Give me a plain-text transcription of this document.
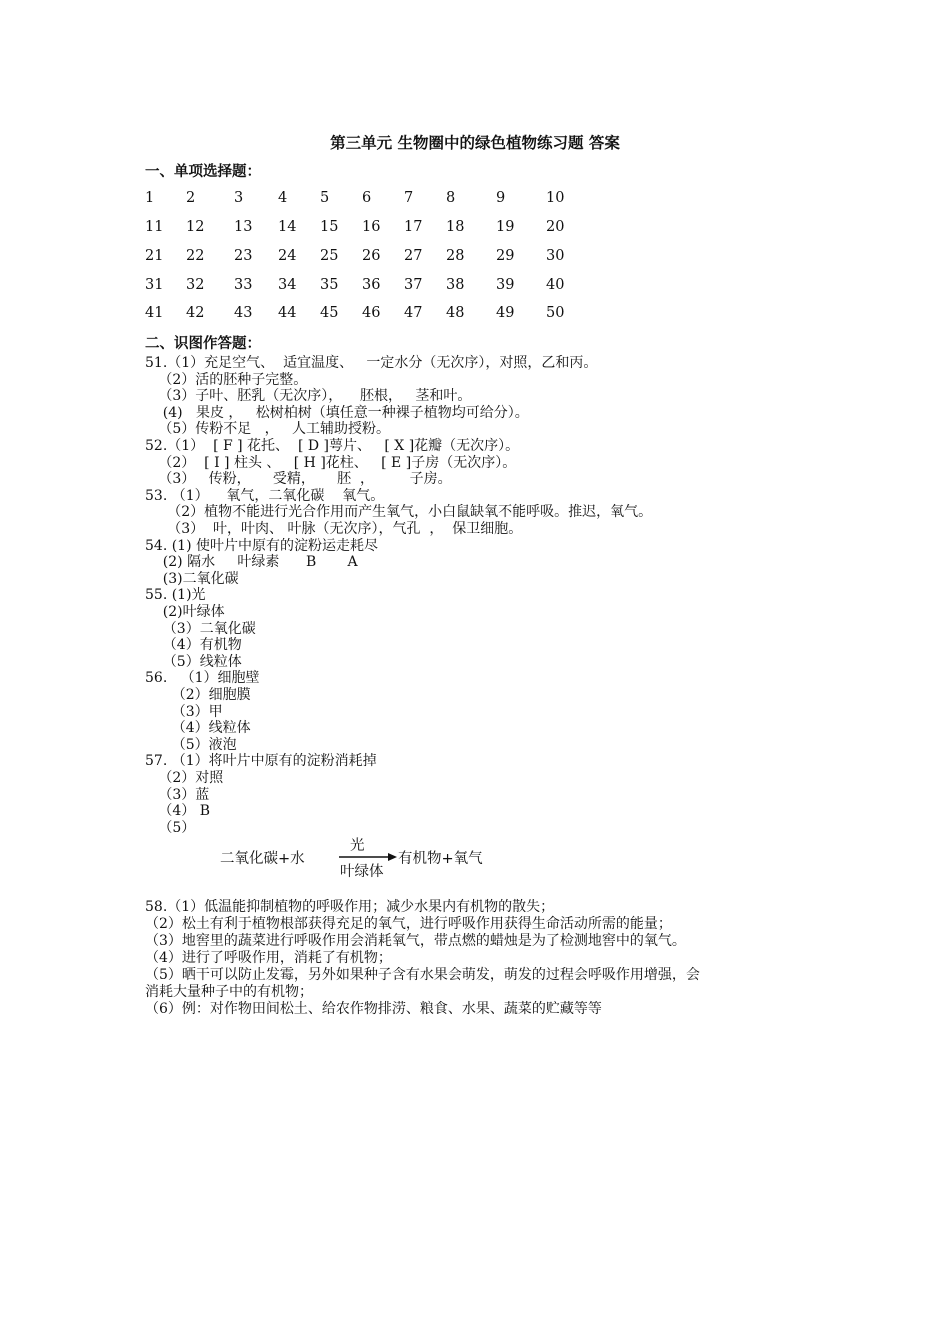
第三单元 生物圈中的绿色植物练习题 答案
一、单项选择题：
1 2	3 4 5 6 7 8	9	10
11 12 13 14 15 16 17 18 19 20
21 22 23 24 25 26 27 28 29 30
31 32 33 34 35 36 37 38 39 40
41 42 43 44 45 46 47 48 49 50
二、识图作答题：
51.（1）充足空气、  适宜温度、   一定水分（无次序），对照，乙和丙。
（2）活的胚种子完整。
（3）子叶、胚乳（无次序），    胚根，   茎和叶。
(4)   果皮 ，   松树柏树（填任意一种裸子植物均可给分）。
（5）传粉不足   ，   人工辅助授粉。
52.（1）  [ F ] 花托、  [ D ]萼片、   [ X ]花瓣（无次序）。
（2）  [ I ] 柱头 、   [ H ]花柱、   [ E ]子房（无次序）。
（3）   传粉，     受精，     胚  ，        子房。
53. （1）    氧气，二氧化碳    氧气。
（2）植物不能进行光合作用而产生氧气，小白鼠缺氧不能呼吸。推迟，氧气。
（3）  叶，叶肉、 叶脉（无次序），气孔  ，  保卫细胞。
54. (1) 使叶片中原有的淀粉运走耗尽
(2) 隔水     叶绿素      B       A
(3)二氧化碳
55. (1)光
(2)叶绿体
（3）二氧化碳
（4）有机物
（5）线粒体
56.   （1）细胞壁
（2）细胞膜
（3）甲
（4）线粒体
（5）液泡
57. （1）将叶片中原有的淀粉消耗掉
（2）对照
（3）蓝
（4） B
（5）
二氧化碳+水
光
叶绿体
有机物+氧气
58.（1）低温能抑制植物的呼吸作用；减少水果内有机物的散失；
（2）松土有利于植物根部获得充足的氧气，进行呼吸作用获得生命活动所需的能量；
（3）地窖里的蔬菜进行呼吸作用会消耗氧气，带点燃的蜡烛是为了检测地窖中的氧气。
（4）进行了呼吸作用，消耗了有机物；
（5）晒干可以防止发霉，另外如果种子含有水果会萌发，萌发的过程会呼吸作用增强，会
消耗大量种子中的有机物；
（6）例：对作物田间松土、给农作物排涝、粮食、水果、蔬菜的贮藏等等
